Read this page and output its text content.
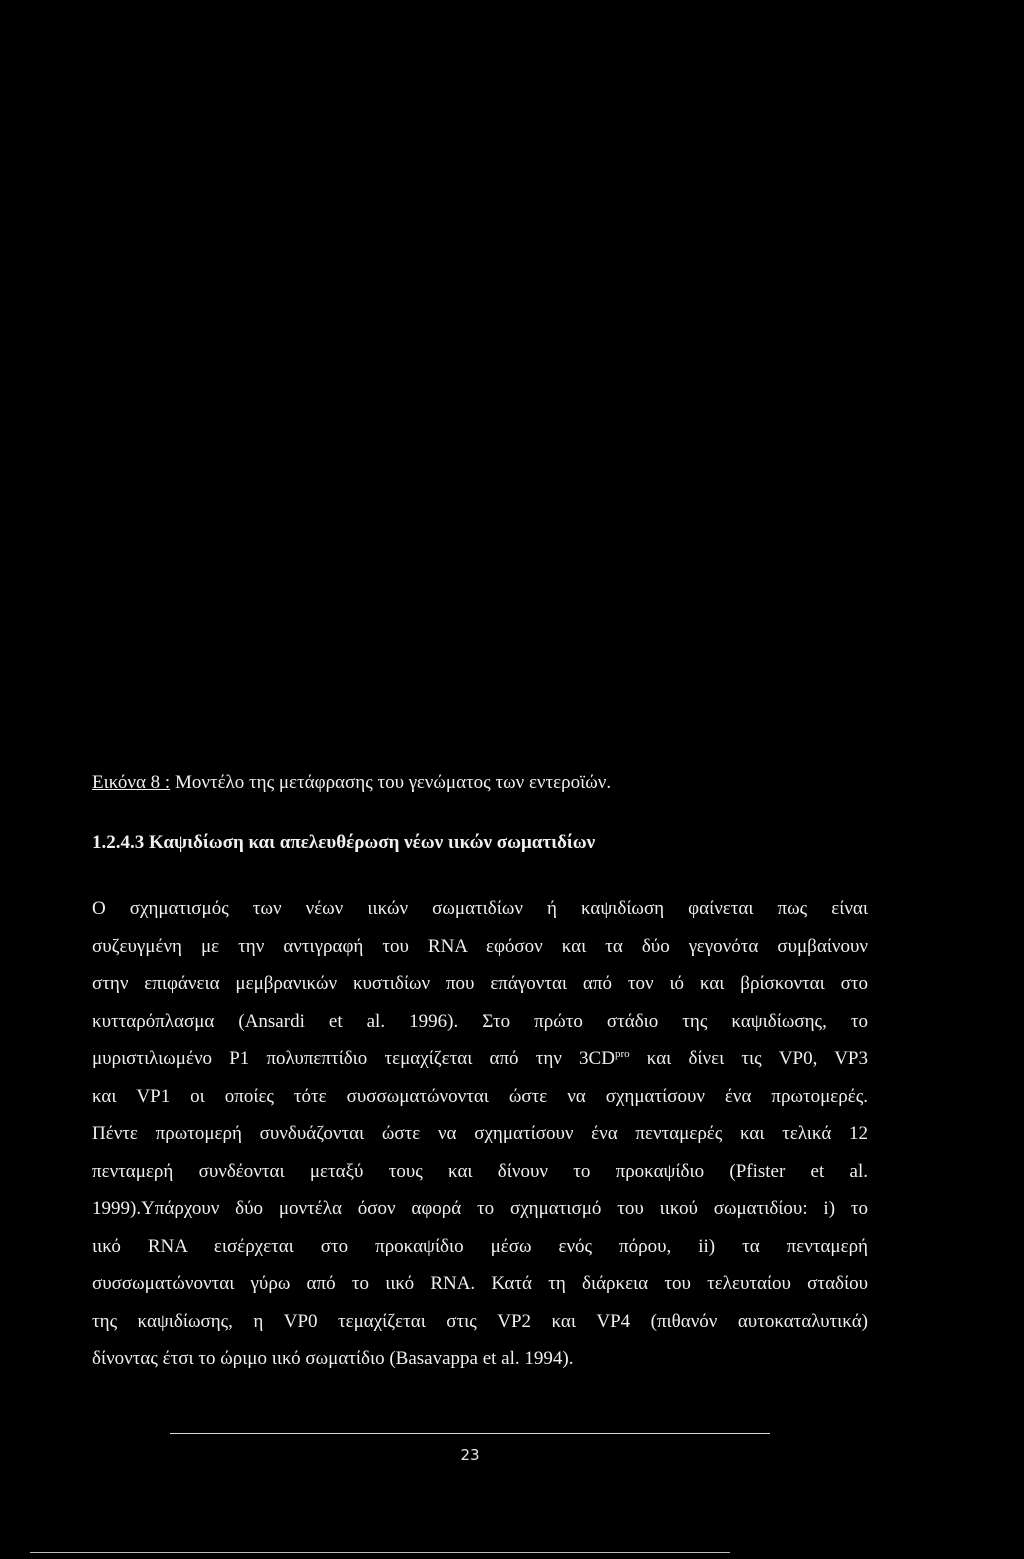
Εικόνα 8 : Μοντέλο της μετάφρασης του γενώματος των εντεροϊών.
1.2.4.3 Καψιδίωση και απελευθέρωση νέων ιικών σωματιδίων
Ο σχηματισμός των νέων ιικών σωματιδίων ή καψιδίωση φαίνεται πως είναι
συζευγμένη με την αντιγραφή του RNA εφόσον και τα δύο γεγονότα συμβαίνουν
στην επιφάνεια μεμβρανικών κυστιδίων που επάγονται από τον ιό και βρίσκονται στο
κυτταρόπλασμα (Ansardi et al. 1996). Στο πρώτο στάδιο της καψιδίωσης, το
μυριστιλιωμένο P1 πολυπεπτίδιο τεμαχίζεται από την $3CD^{pro}$ και δίνει τις VP0, VP3
και VP1 οι οποίες τότε συσσωματώνονται ώστε να σχηματίσουν ένα πρωτομερές.
Πέντε πρωτομερή συνδυάζονται ώστε να σχηματίσουν ένα πενταμερές και τελικά 12
πενταμερή συνδέονται μεταξύ τους και δίνουν το προκαψίδιο (Pfister et al.
1999).Υπάρχουν δύο μοντέλα όσον αφορά το σχηματισμό του ιικού σωματιδίου: i) το
ιικό RNA εισέρχεται στο προκαψίδιο μέσω ενός πόρου, ii) τα πενταμερή
συσσωματώνονται γύρω από το ιικό RNA. Κατά τη διάρκεια του τελευταίου σταδίου
της καψιδίωσης, η VP0 τεμαχίζεται στις VP2 και VP4 (πιθανόν αυτοκαταλυτικά)
δίνοντας έτσι το ώριμο ιικό σωματίδιο (Basavappa et al. 1994).
23
